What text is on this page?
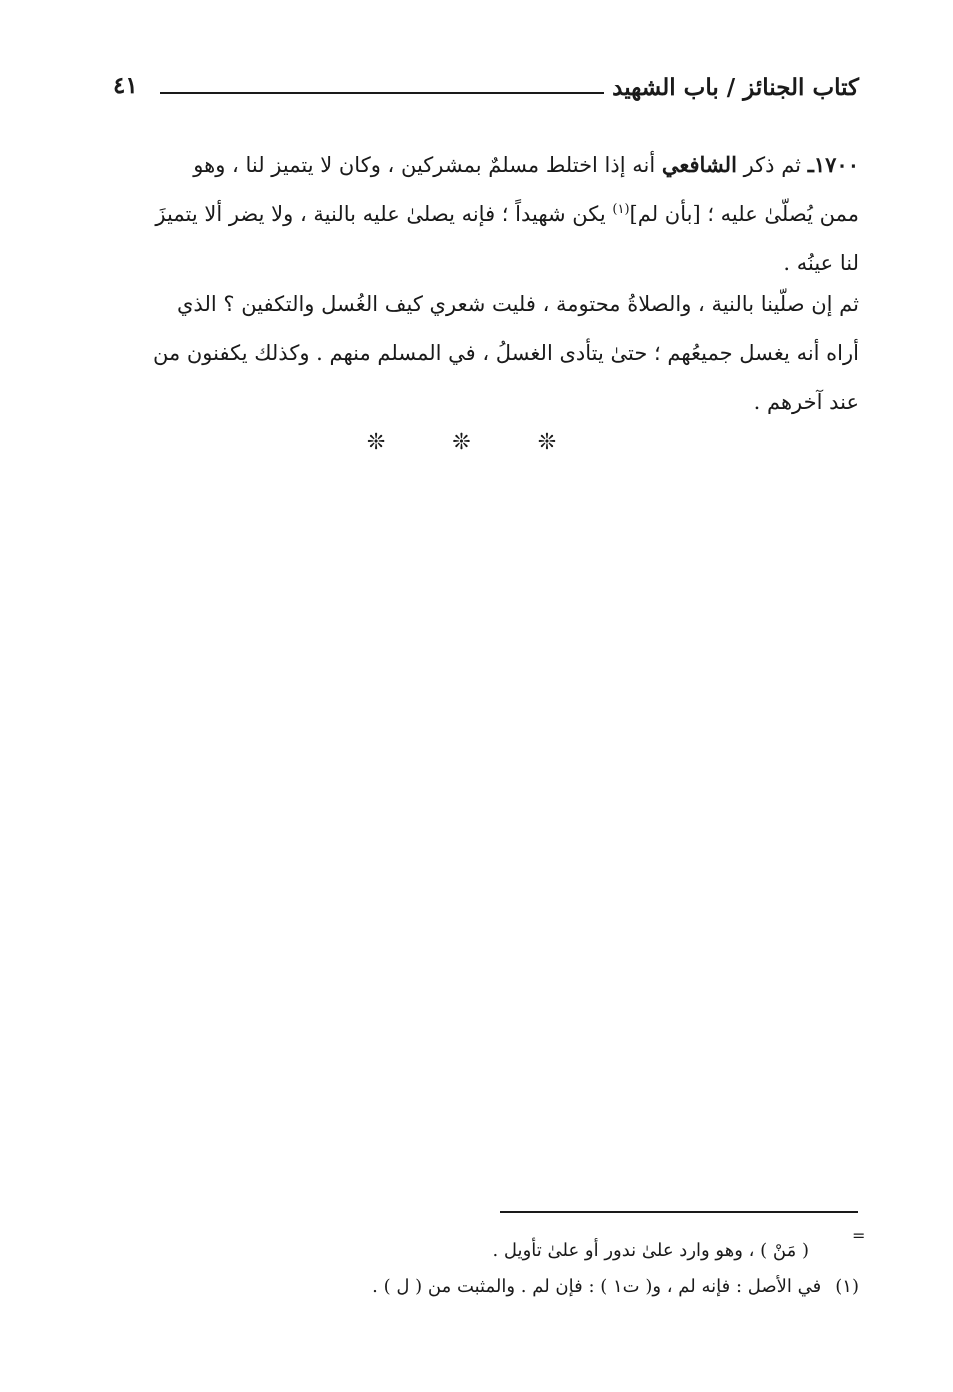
كتاب الجنائز / باب الشهيد
٤١
١٧٠٠ـ ثم ذكر الشافعي أنه إذا اختلط مسلمٌ بمشركين ، وكان لا يتميز لنا ، وهو
ممن يُصلّىٰ عليه ؛ [بأن لم]$^{(١)}$ يكن شهيداً ؛ فإنه يصلىٰ عليه بالنية ، ولا يضر ألا يتميزَ
لنا عينُه .
ثم إن صلّينا بالنية ، والصلاةُ محتومة ، فليت شعري كيف الغُسل والتكفين ؟ الذي
أراه أنه يغسل جميعُهم ؛ حتىٰ يتأدى الغسلُ ، في المسلم منهم . وكذلك يكفنون من
عند آخرهم .
❊ ❊ ❊
=
( مَنْ ) ، وهو وارد علىٰ ندور أو علىٰ تأويل .
(١)في الأصل : فإنه لم ، و( ت١ ) : فإن لم . والمثبت من ( ل ) .
